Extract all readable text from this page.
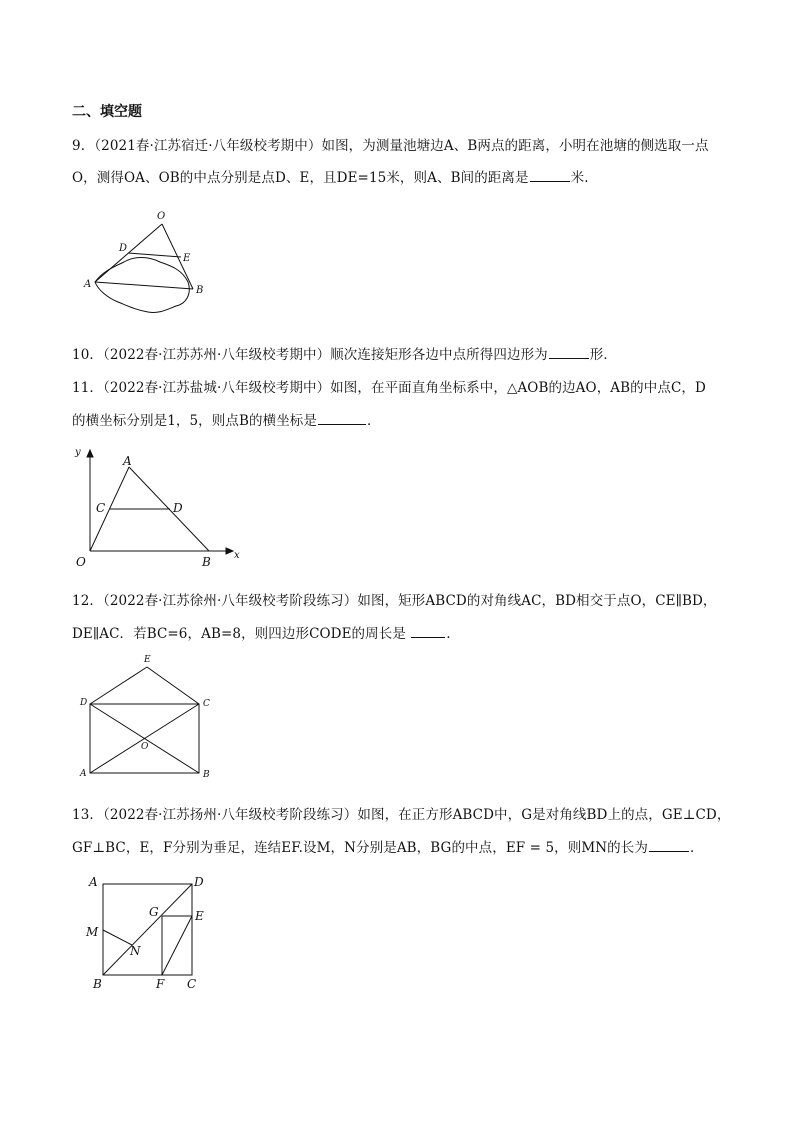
二、填空题
9．（2021春·江苏宿迁·八年级校考期中）如图，为测量池塘边A、B两点的距离，小明在池塘的侧选取一点
O，测得OA、OB的中点分别是点D、E，且DE=15米，则A、B间的距离是	米.
O
D
E
A
B
10．（2022春·江苏苏州·八年级校考期中）顺次连接矩形各边中点所得四边形为	形．
11．（2022春·江苏盐城·八年级校考期中）如图，在平面直角坐标系中，△AOB的边AO，AB的中点C，D
的横坐标分别是1，5，则点B的横坐标是	．
y
x
A
C	D
O	B
12．（2022春·江苏徐州·八年级校考阶段练习）如图，矩形ABCD的对角线AC，BD相交于点O，CE∥BD，
DE∥AC．若BC=6，AB=8，则四边形CODE的周长是	．
E
D	C
O
A	B
13．（2022春·江苏扬州·八年级校考阶段练习）如图，在正方形ABCD中，G是对角线BD上的点，GE⊥CD，
GF⊥BC，E，F分别为垂足，连结EF.设M，N分别是AB，BG的中点，EF = 5，则MN的长为	．
A	D
G	E
M
N
B	F C
